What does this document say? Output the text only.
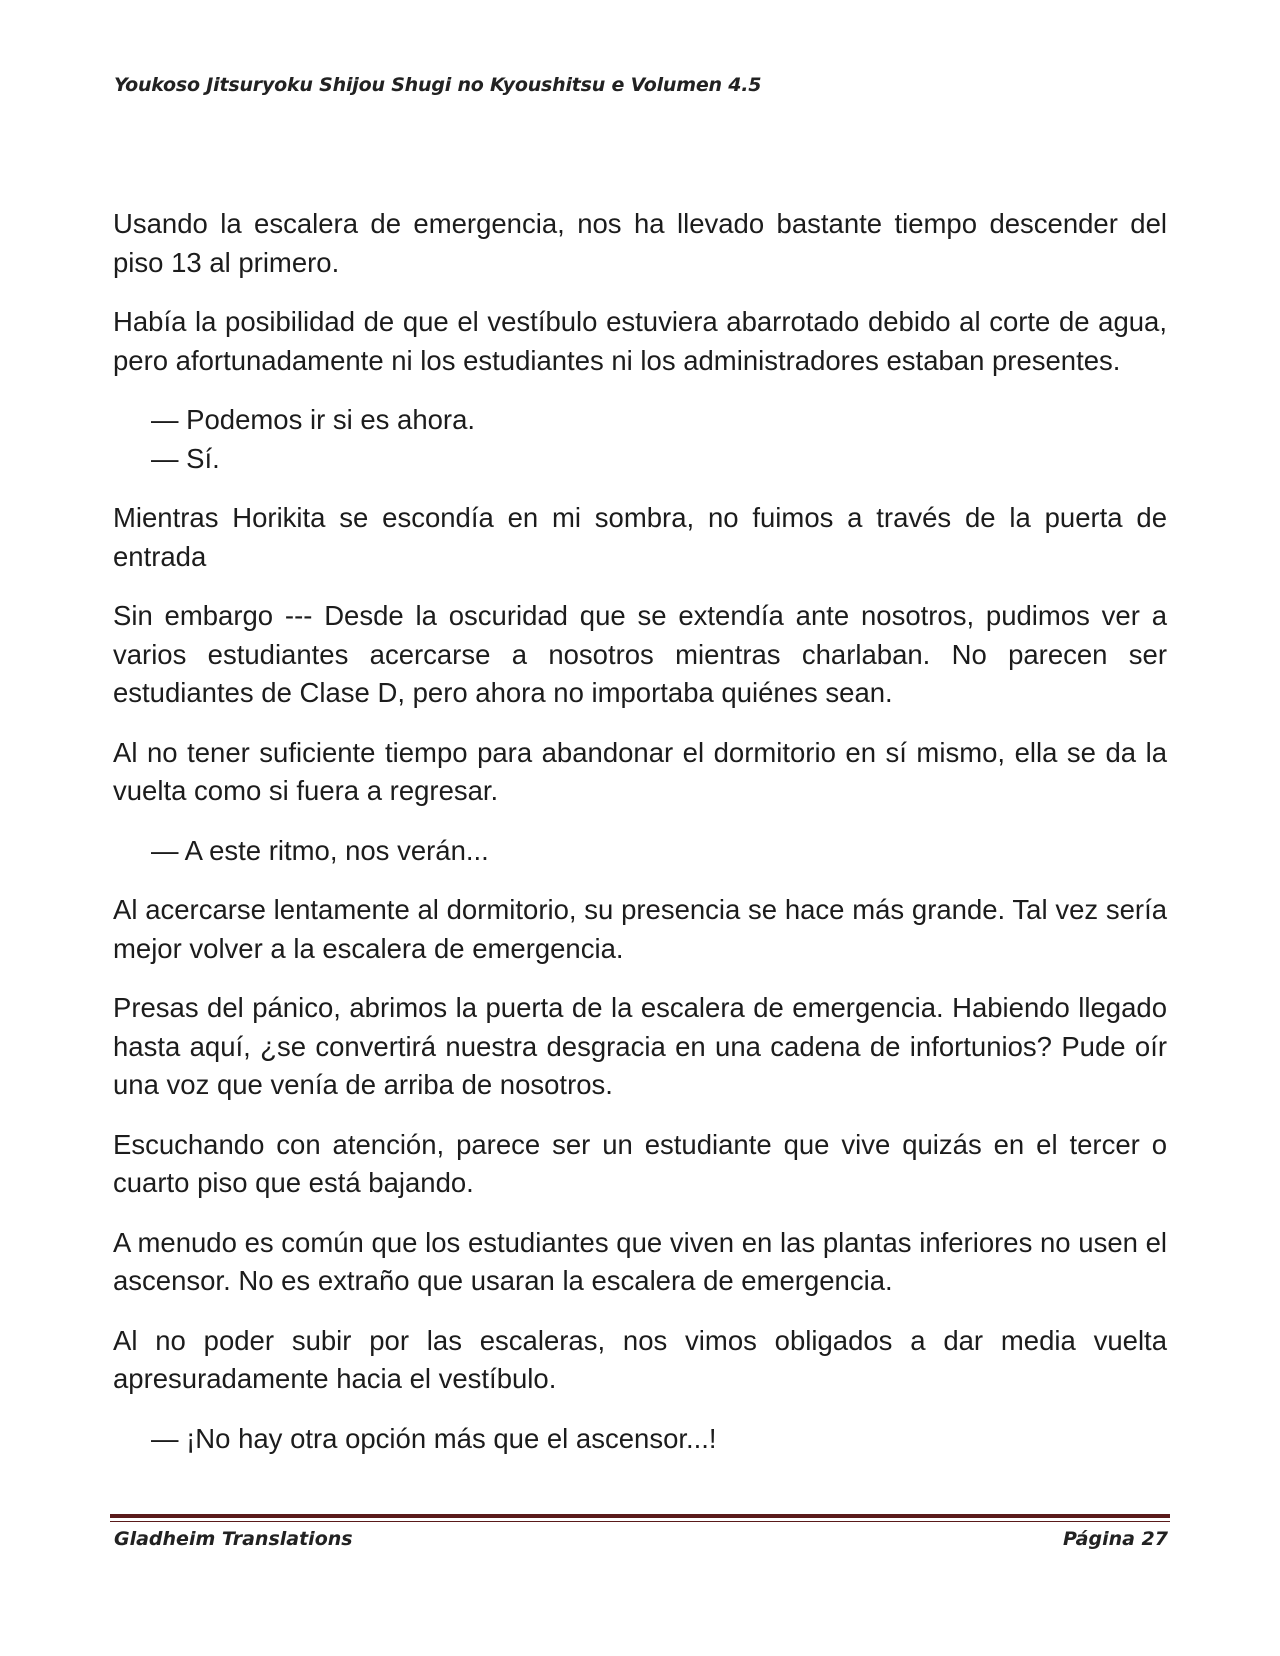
Youkoso Jitsuryoku Shijou Shugi no Kyoushitsu e Volumen 4.5

Usando la escalera de emergencia, nos ha llevado bastante tiempo descender del piso 13 al primero.

Había la posibilidad de que el vestíbulo estuviera abarrotado debido al corte de agua, pero afortunadamente ni los estudiantes ni los administradores estaban presentes.

— Podemos ir si es ahora.

— Sí.

Mientras Horikita se escondía en mi sombra, no fuimos a través de la puerta de entrada

Sin embargo --- Desde la oscuridad que se extendía ante nosotros, pudimos ver a varios estudiantes acercarse a nosotros mientras charlaban. No parecen ser estudiantes de Clase D, pero ahora no importaba quiénes sean.

Al no tener suficiente tiempo para abandonar el dormitorio en sí mismo, ella se da la vuelta como si fuera a regresar.

— A este ritmo, nos verán...

Al acercarse lentamente al dormitorio, su presencia se hace más grande. Tal vez sería mejor volver a la escalera de emergencia.

Presas del pánico, abrimos la puerta de la escalera de emergencia. Habiendo llegado hasta aquí, ¿se convertirá nuestra desgracia en una cadena de infortunios? Pude oír una voz que venía de arriba de nosotros.

Escuchando con atención, parece ser un estudiante que vive quizás en el tercer o cuarto piso que está bajando.

A menudo es común que los estudiantes que viven en las plantas inferiores no usen el ascensor. No es extraño que usaran la escalera de emergencia.

Al no poder subir por las escaleras, nos vimos obligados a dar media vuelta apresuradamente hacia el vestíbulo.

— ¡No hay otra opción más que el ascensor...!

Gladheim Translations	Página 27
